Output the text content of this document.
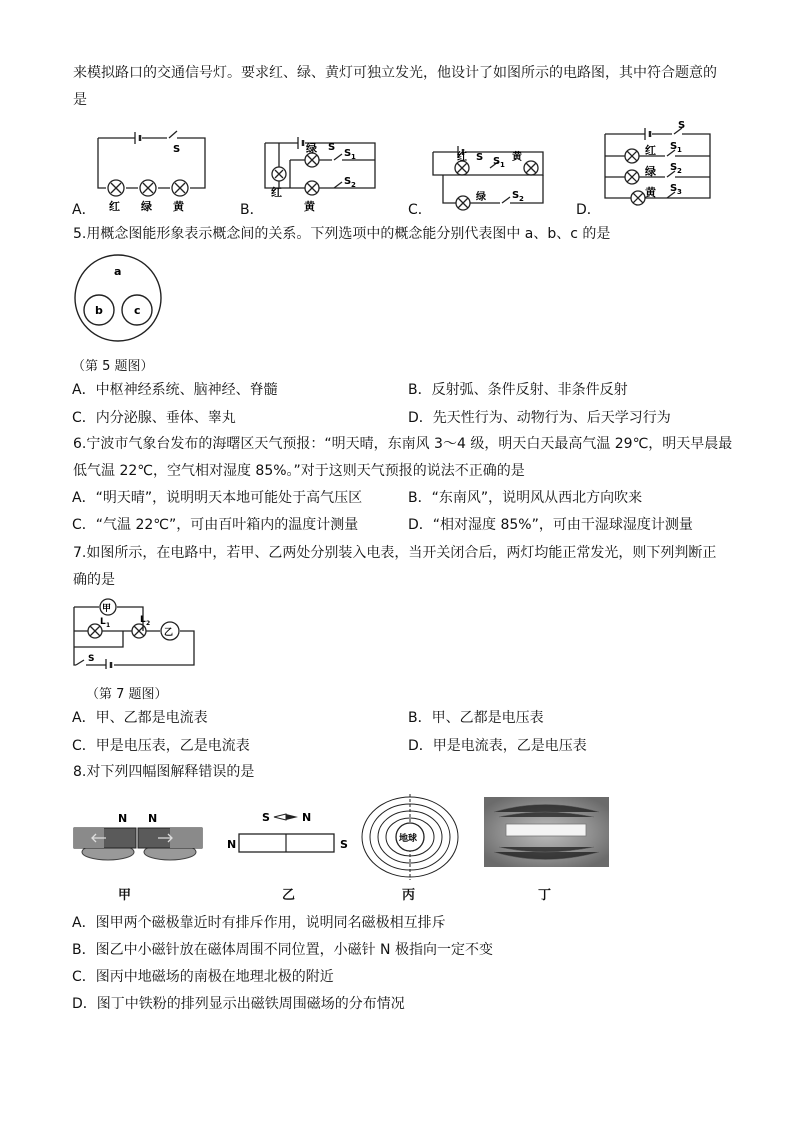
来模拟路口的交通信号灯。要求红、绿、黄灯可独立发光，他设计了如图所示的电路图，其中符合题意的
是
A．	B．	C．	D．
S
红 绿 黄
绿 S
S 1
S 2
红
黄
红 S S 1
黄
绿	S 2
S
红 S 1
绿 S 2
黄 S 3
5.用概念图能形象表示概念间的关系。下列选项中的概念能分别代表图中 a、b、c 的是
a
b	c
（第 5 题图）
A．中枢神经系统、脑神经、脊髓	B．反射弧、条件反射、非条件反射
C．内分泌腺、垂体、睾丸	D．先天性行为、动物行为、后天学习行为
6.宁波市气象台发布的海曙区天气预报：“明天晴，东南风 3～4 级，明天白天最高气温 29℃，明天早晨最
低气温 22℃，空气相对湿度 85%。”对于这则天气预报的说法不正确的是
A．“明天晴”，说明明天本地可能处于高气压区	B．“东南风”，说明风从西北方向吹来
C．“气温 22℃”，可由百叶箱内的温度计测量	D．“相对湿度 85%”，可由干湿球湿度计测量
7.如图所示，在电路中，若甲、乙两处分别装入电表，当开关闭合后，两灯均能正常发光，则下列判断正
确的是
甲
乙
L 1
L 2
S
（第 7 题图）
A．甲、乙都是电流表	B．甲、乙都是电压表
C．甲是电压表，乙是电流表	D．甲是电流表，乙是电压表
8.对下列四幅图解释错误的是
N N	S	N
N	S	地球
甲	乙	丙	丁
A．图甲两个磁极靠近时有排斥作用，说明同名磁极相互排斥
B．图乙中小磁针放在磁体周围不同位置，小磁针 N 极指向一定不变
C．图丙中地磁场的南极在地理北极的附近
D．图丁中铁粉的排列显示出磁铁周围磁场的分布情况
